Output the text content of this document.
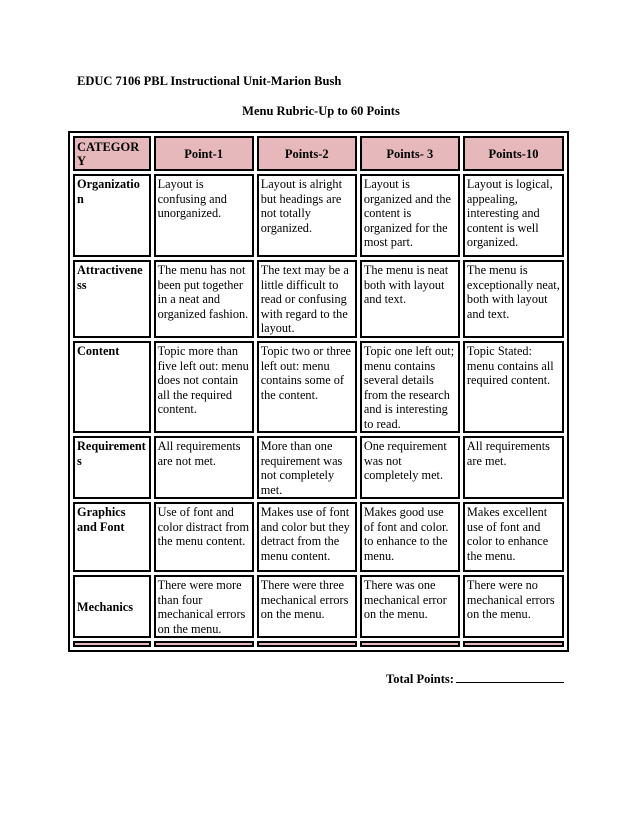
EDUC 7106 PBL Instructional Unit-Marion Bush
Menu Rubric-Up to 60 Points
CATEGORY	Point-1	Points-2	Points- 3	Points-10
Organization	Layout is confusing and unorganized.	Layout is alright but headings are not totally organized.	Layout is organized and the content is organized for the most part.	Layout is logical, appealing, interesting and content is well organized.
Attractiveness	The menu has not been put together in a neat and organized fashion.	The text may be a little difficult to read or confusing with regard to the layout.	The menu is neat both with layout and text.	The menu is exceptionally neat, both with layout and text.
Content	Topic more than five left out: menu does not contain all the required content.	Topic two or three left out: menu contains some of the content.	Topic one left out; menu contains several details from the research and is interesting to read.	Topic Stated: menu contains all required content.
Requirements	All requirements are not met.	More than one requirement was not completely met.	One requirement was not completely met.	All requirements are met.
Graphics and Font	Use of font and color distract from the menu content.	Makes use of font and color but they detract from the menu content.	Makes good use of font and color. to enhance to the menu.	Makes excellent use of font and color to enhance the menu.
Mechanics	There were more than four mechanical errors on the menu.	There were three mechanical errors on the menu.	There was one mechanical error on the menu.	There were no mechanical errors on the menu.

Total Points:
